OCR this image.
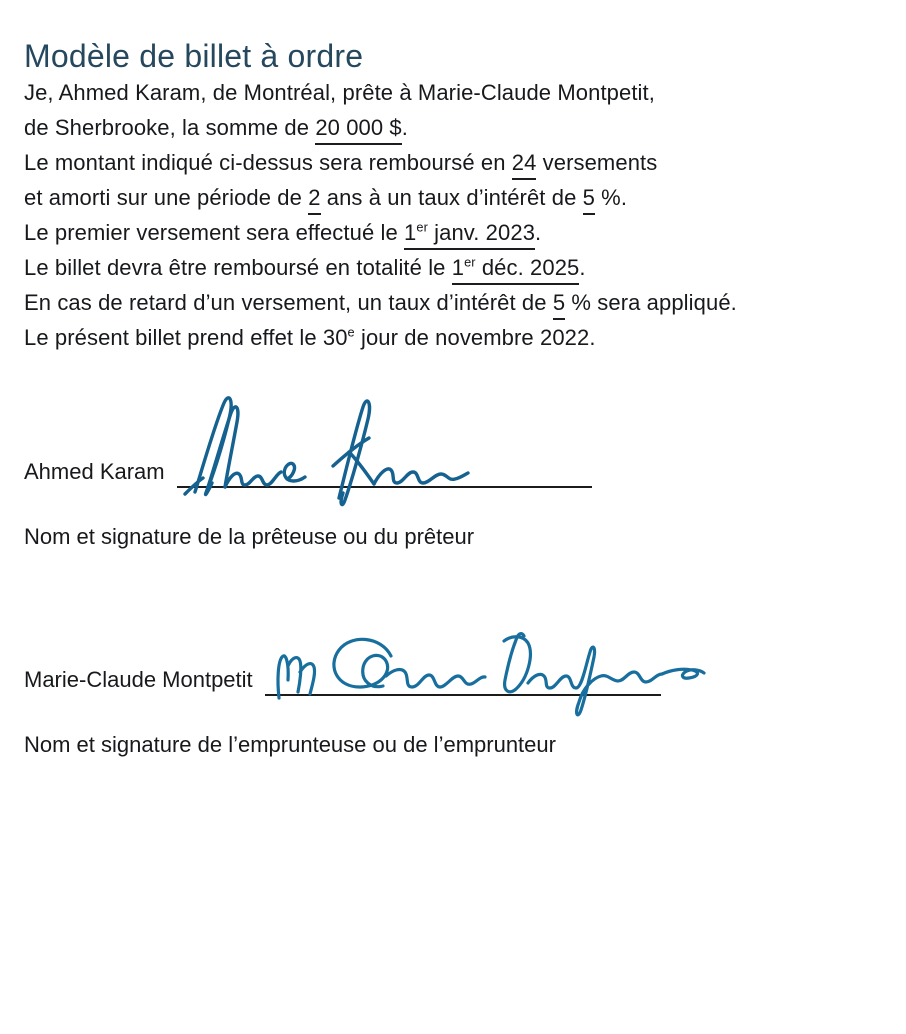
Modèle de billet à ordre

Je, Ahmed Karam, de Montréal, prête à Marie-Claude Montpetit,
de Sherbrooke, la somme de 20 000 $.

Le montant indiqué ci-dessus sera remboursé en 24 versements
et amorti sur une période de 2 ans à un taux d’intérêt de 5 %.

Le premier versement sera effectué le 1er janv. 2023.

Le billet devra être remboursé en totalité le 1er déc. 2025.

En cas de retard d’un versement, un taux d’intérêt de 5 % sera appliqué.

Le présent billet prend effet le 30e jour de novembre 2022.

Ahmed Karam

Nom et signature de la prêteuse ou du prêteur

Marie-Claude Montpetit

Nom et signature de l’emprunteuse ou de l’emprunteur
